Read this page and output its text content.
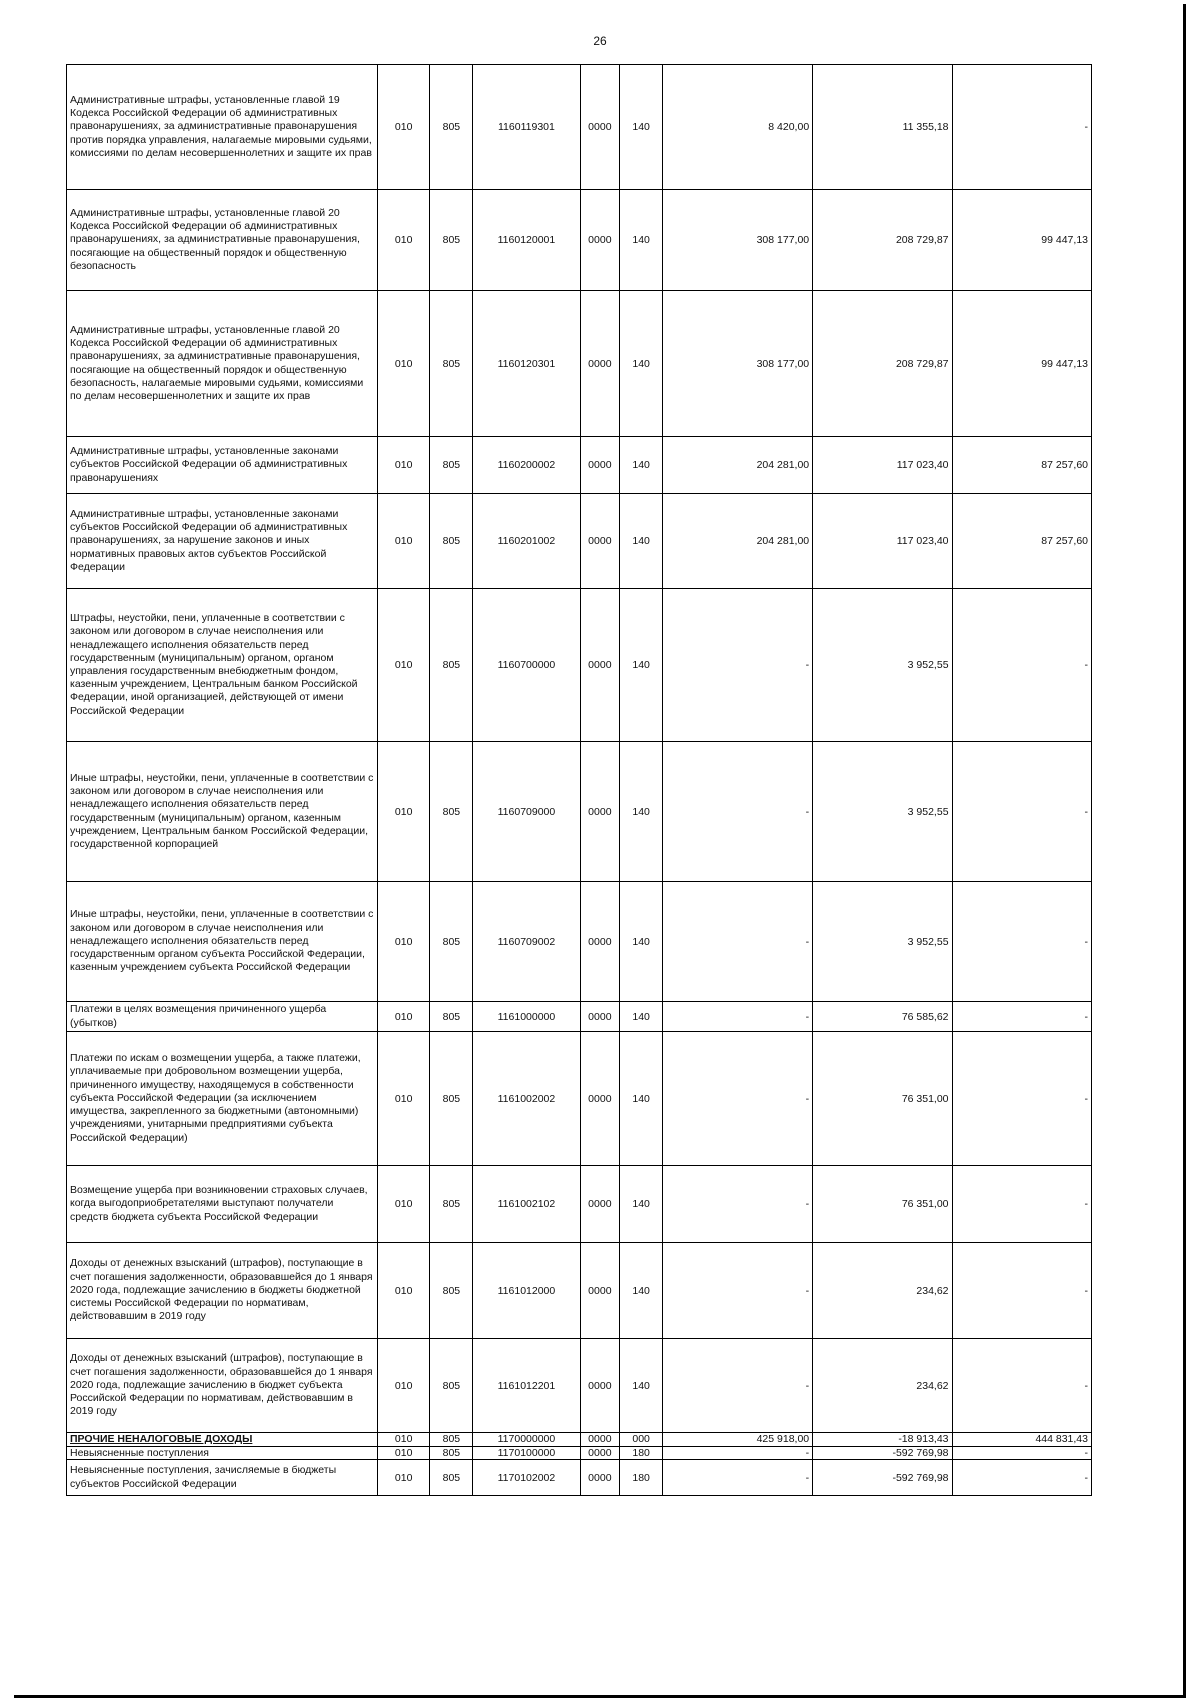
26
Административные штрафы, установленные главой 19 Кодекса Российской Федерации об административных правонарушениях, за административные правонарушения против порядка управления, налагаемые мировыми судьями, комиссиями по делам несовершеннолетних и защите их прав	010	805	1160119301	0000	140	8 420,00	11 355,18	-
Административные штрафы, установленные главой 20 Кодекса Российской Федерации об административных правонарушениях, за административные правонарушения, посягающие на общественный порядок и общественную безопасность	010	805	1160120001	0000	140	308 177,00	208 729,87	99 447,13
Административные штрафы, установленные главой 20 Кодекса Российской Федерации об административных правонарушениях, за административные правонарушения, посягающие на общественный порядок и общественную безопасность, налагаемые мировыми судьями, комиссиями по делам несовершеннолетних и защите их прав	010	805	1160120301	0000	140	308 177,00	208 729,87	99 447,13
Административные штрафы, установленные законами субъектов Российской Федерации об административных правонарушениях	010	805	1160200002	0000	140	204 281,00	117 023,40	87 257,60
Административные штрафы, установленные законами субъектов Российской Федерации об административных правонарушениях, за нарушение законов и иных нормативных правовых актов субъектов Российской Федерации	010	805	1160201002	0000	140	204 281,00	117 023,40	87 257,60
Штрафы, неустойки, пени, уплаченные в соответствии с законом или договором в случае неисполнения или ненадлежащего исполнения обязательств перед государственным (муниципальным) органом, органом управления государственным внебюджетным фондом, казенным учреждением, Центральным банком Российской Федерации, иной организацией, действующей от имени Российской Федерации	010	805	1160700000	0000	140	-	3 952,55	-
Иные штрафы, неустойки, пени, уплаченные в соответствии с законом или договором в случае неисполнения или ненадлежащего исполнения обязательств перед государственным (муниципальным) органом, казенным учреждением, Центральным банком Российской Федерации, государственной корпорацией	010	805	1160709000	0000	140	-	3 952,55	-
Иные штрафы, неустойки, пени, уплаченные в соответствии с законом или договором в случае неисполнения или ненадлежащего исполнения обязательств перед государственным органом субъекта Российской Федерации, казенным учреждением субъекта Российской Федерации	010	805	1160709002	0000	140	-	3 952,55	-
Платежи в целях возмещения причиненного ущерба (убытков)	010	805	1161000000	0000	140	-	76 585,62	-
Платежи по искам о возмещении ущерба, а также платежи, уплачиваемые при добровольном возмещении ущерба, причиненного имуществу, находящемуся в собственности субъекта Российской Федерации (за исключением имущества, закрепленного за бюджетными (автономными) учреждениями, унитарными предприятиями субъекта Российской Федерации)	010	805	1161002002	0000	140	-	76 351,00	-
Возмещение ущерба при возникновении страховых случаев, когда выгодоприобретателями выступают получатели средств бюджета субъекта Российской Федерации	010	805	1161002102	0000	140	-	76 351,00	-
Доходы от денежных взысканий (штрафов), поступающие в счет погашения задолженности, образовавшейся до 1 января 2020 года, подлежащие зачислению в бюджеты бюджетной системы Российской Федерации по нормативам, действовавшим в 2019 году	010	805	1161012000	0000	140	-	234,62	-
Доходы от денежных взысканий (штрафов), поступающие в счет погашения задолженности, образовавшейся до 1 января 2020 года, подлежащие зачислению в бюджет субъекта Российской Федерации по нормативам, действовавшим в 2019 году	010	805	1161012201	0000	140	-	234,62	-
ПРОЧИЕ НЕНАЛОГОВЫЕ ДОХОДЫ	010	805	1170000000	0000	000	425 918,00	-18 913,43	444 831,43
Невыясненные поступления	010	805	1170100000	0000	180	-	-592 769,98	-
Невыясненные поступления, зачисляемые в бюджеты субъектов Российской Федерации	010	805	1170102002	0000	180	-	-592 769,98	-
